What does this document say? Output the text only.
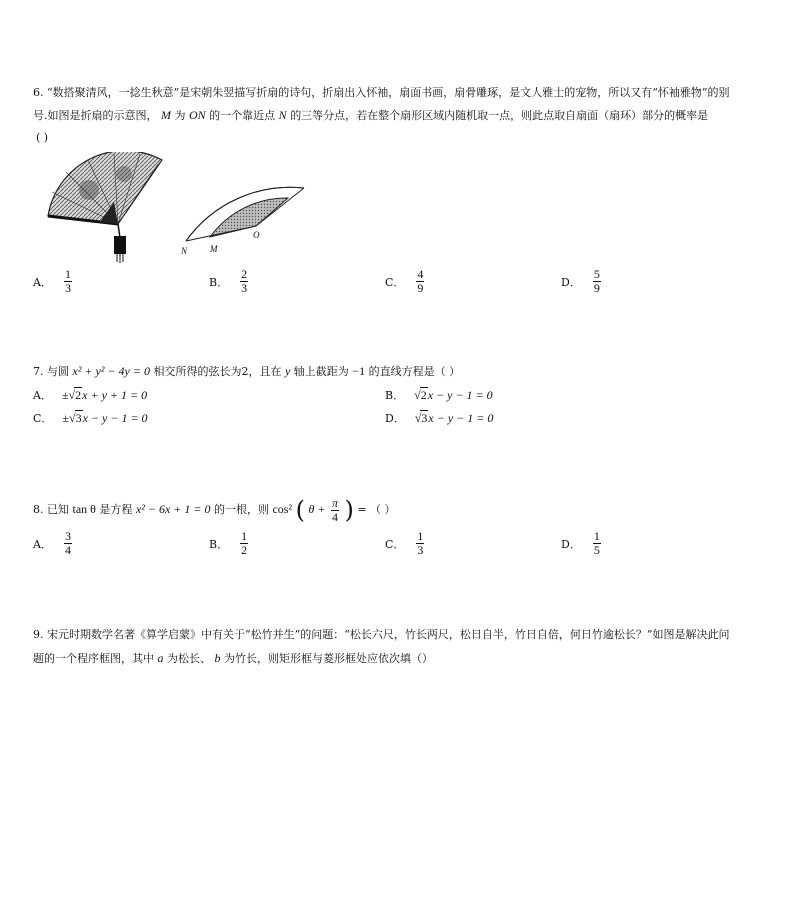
6. “数搭聚清风，一捻生秋意”是宋朝朱翌描写折扇的诗句，折扇出入怀袖，扇面书画，扇骨雕琢，是文人雅士的宠物，所以又有“怀袖雅物”的别
号.如图是折扇的示意图， M 为 ON 的一个靠近点 N 的三等分点，若在整个扇形区域内随机取一点，则此点取自扇面（扇环）部分的概率是
( )
N	M
O
A． $\frac{1}{3}$	B． $\frac{2}{3}$	C． $\frac{4}{9}$	D． $\frac{5}{9}$
7. 与圆 x² + y² − 4y = 0 相交所得的弦长为2，且在 y 轴上截距为 −1 的直线方程是（ ）
A． ± √ 2 x + y + 1 = 0	B． √ 2 x − y − 1 = 0
C． ± √ 3 x − y − 1 = 0	D． √ 3 x − y − 1 = 0
8. 已知 tan θ 是方程 x² − 6x + 1 = 0 的一根，则 cos² ( $\theta + \frac{\pi}{4}$ ) = （ ）
A． $\frac{3}{4}$	B． $\frac{1}{2}$	C． $\frac{1}{3}$	D． $\frac{1}{5}$
9. 宋元时期数学名著《算学启蒙》中有关于“松竹并生”的问题：“松长六尺，竹长两尺，松日自半，竹日自倍，何日竹逾松长？”如图是解决此问
题的一个程序框图，其中 a 为松长、 b 为竹长，则矩形框与菱形框处应依次填（）
